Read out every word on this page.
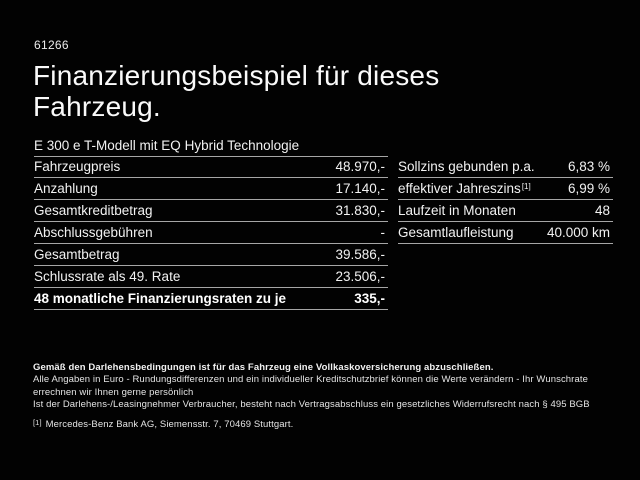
61266
Finanzierungsbeispiel für dieses
Fahrzeug.
E 300 e T-Modell mit EQ Hybrid Technologie
Fahrzeugpreis	48.970,-
Anzahlung	17.140,-
Gesamtkreditbetrag	31.830,-
Abschlussgebühren	-
Gesamtbetrag	39.586,-
Schlussrate als 49. Rate	23.506,-
48 monatliche Finanzierungsraten zu je	335,-
Sollzins gebunden p.a. 6,83 %
effektiver Jahreszins[1]	6,99 %
Laufzeit in Monaten	48
Gesamtlaufleistung 40.000 km
Gemäß den Darlehensbedingungen ist für das Fahrzeug eine Vollkaskoversicherung abzuschließen.
Alle Angaben in Euro - Rundungsdifferenzen und ein individueller Kreditschutzbrief können die Werte verändern - Ihr Wunschrate errechnen wir Ihnen gerne persönlich
Ist der Darlehens-/Leasingnehmer Verbraucher, besteht nach Vertragsabschluss ein gesetzliches Widerrufsrecht nach § 495 BGB
[1] Mercedes-Benz Bank AG, Siemensstr. 7, 70469 Stuttgart.
